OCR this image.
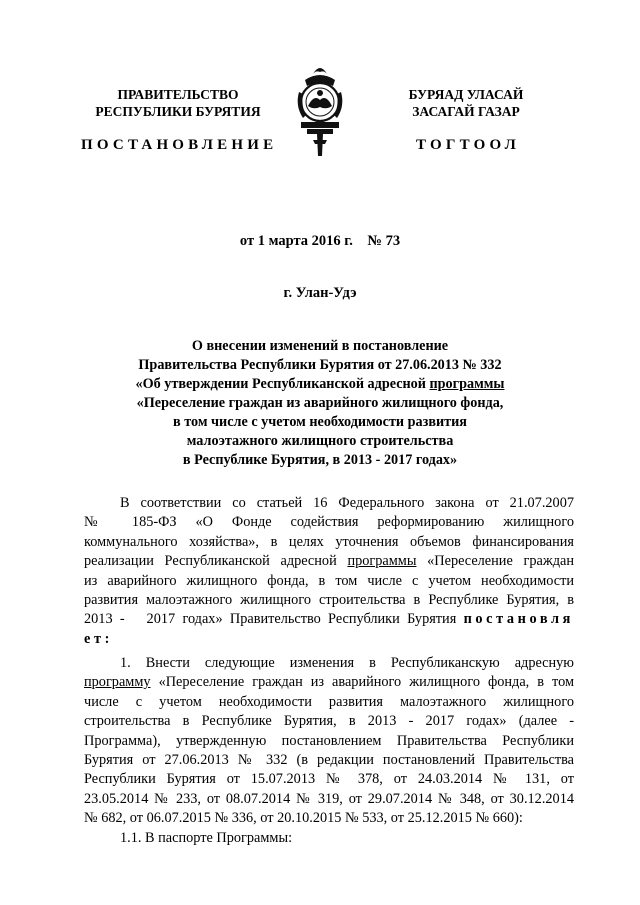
ПРАВИТЕЛЬСТВО
РЕСПУБЛИКИ БУРЯТИЯ
БУРЯАД УЛАСАЙ
ЗАСАГАЙ ГАЗАР
ПОСТАНОВЛЕНИЕ	ТОГТООЛ
от 1 марта 2016 г.    № 73
г. Улан-Удэ
О внесении изменений в постановление
Правительства Республики Бурятия от 27.06.2013 № 332
«Об утверждении Республиканской адресной программы
«Переселение граждан из аварийного жилищного фонда,
в том числе с учетом необходимости развития
малоэтажного жилищного строительства
в Республике Бурятия, в 2013 - 2017 годах»
В соответствии со статьей 16 Федерального закона от 21.07.2007
№ 185-ФЗ «О Фонде содействия реформированию жилищного
коммунального хозяйства», в целях уточнения объемов финансирования
реализации Республиканской адресной программы «Переселение граждан
из аварийного жилищного фонда, в том числе с учетом необходимости
развития малоэтажного жилищного строительства в Республике Бурятия, в
2013 -   2017 годах» Правительство Республики Бурятия постановля
ет:
1. Внести следующие изменения в Республиканскую адресную
программу «Переселение граждан из аварийного жилищного фонда, в том
числе с учетом необходимости развития малоэтажного жилищного
строительства в Республике Бурятия, в 2013 - 2017 годах» (далее -
Программа), утвержденную постановлением Правительства Республики
Бурятия от 27.06.2013 № 332 (в редакции постановлений Правительства
Республики Бурятия от 15.07.2013 № 378, от 24.03.2014 № 131, от
23.05.2014 № 233, от 08.07.2014 № 319, от 29.07.2014 № 348, от 30.12.2014
№ 682, от 06.07.2015 № 336, от 20.10.2015 № 533, от 25.12.2015 № 660):
1.1. В паспорте Программы:
